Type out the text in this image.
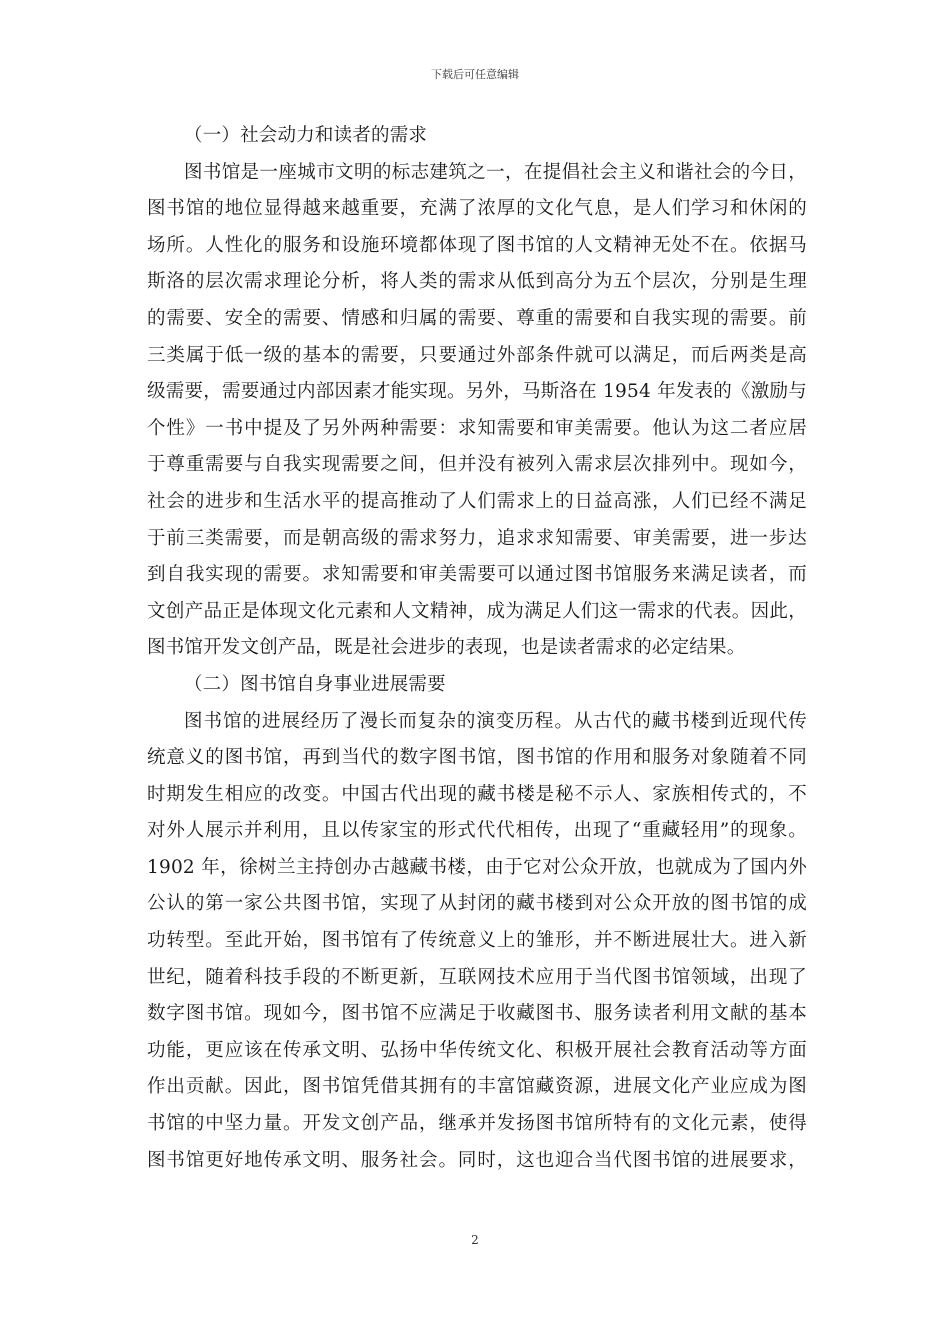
下载后可任意编辑
（一）社会动力和读者的需求
图书馆是一座城市文明的标志建筑之一，在提倡社会主义和谐社会的今日，
图书馆的地位显得越来越重要，充满了浓厚的文化气息，是人们学习和休闲的
场所。人性化的服务和设施环境都体现了图书馆的人文精神无处不在。依据马
斯洛的层次需求理论分析，将人类的需求从低到高分为五个层次，分别是生理
的需要、安全的需要、情感和归属的需要、尊重的需要和自我实现的需要。前
三类属于低一级的基本的需要，只要通过外部条件就可以满足，而后两类是高
级需要，需要通过内部因素才能实现。另外，马斯洛在 1954 年发表的《激励与
个性》一书中提及了另外两种需要：求知需要和审美需要。他认为这二者应居
于尊重需要与自我实现需要之间，但并没有被列入需求层次排列中。现如今，
社会的进步和生活水平的提高推动了人们需求上的日益高涨，人们已经不满足
于前三类需要，而是朝高级的需求努力，追求求知需要、审美需要，进一步达
到自我实现的需要。求知需要和审美需要可以通过图书馆服务来满足读者，而
文创产品正是体现文化元素和人文精神，成为满足人们这一需求的代表。因此，
图书馆开发文创产品，既是社会进步的表现，也是读者需求的必定结果。
（二）图书馆自身事业进展需要
图书馆的进展经历了漫长而复杂的演变历程。从古代的藏书楼到近现代传
统意义的图书馆，再到当代的数字图书馆，图书馆的作用和服务对象随着不同
时期发生相应的改变。中国古代出现的藏书楼是秘不示人、家族相传式的，不
对外人展示并利用，且以传家宝的形式代代相传，出现了“重藏轻用”的现象。
1902 年，徐树兰主持创办古越藏书楼，由于它对公众开放，也就成为了国内外
公认的第一家公共图书馆，实现了从封闭的藏书楼到对公众开放的图书馆的成
功转型。至此开始，图书馆有了传统意义上的雏形，并不断进展壮大。进入新
世纪，随着科技手段的不断更新，互联网技术应用于当代图书馆领域，出现了
数字图书馆。现如今，图书馆不应满足于收藏图书、服务读者利用文献的基本
功能，更应该在传承文明、弘扬中华传统文化、积极开展社会教育活动等方面
作出贡献。因此，图书馆凭借其拥有的丰富馆藏资源，进展文化产业应成为图
书馆的中坚力量。开发文创产品，继承并发扬图书馆所特有的文化元素，使得
图书馆更好地传承文明、服务社会。同时，这也迎合当代图书馆的进展要求，
2
